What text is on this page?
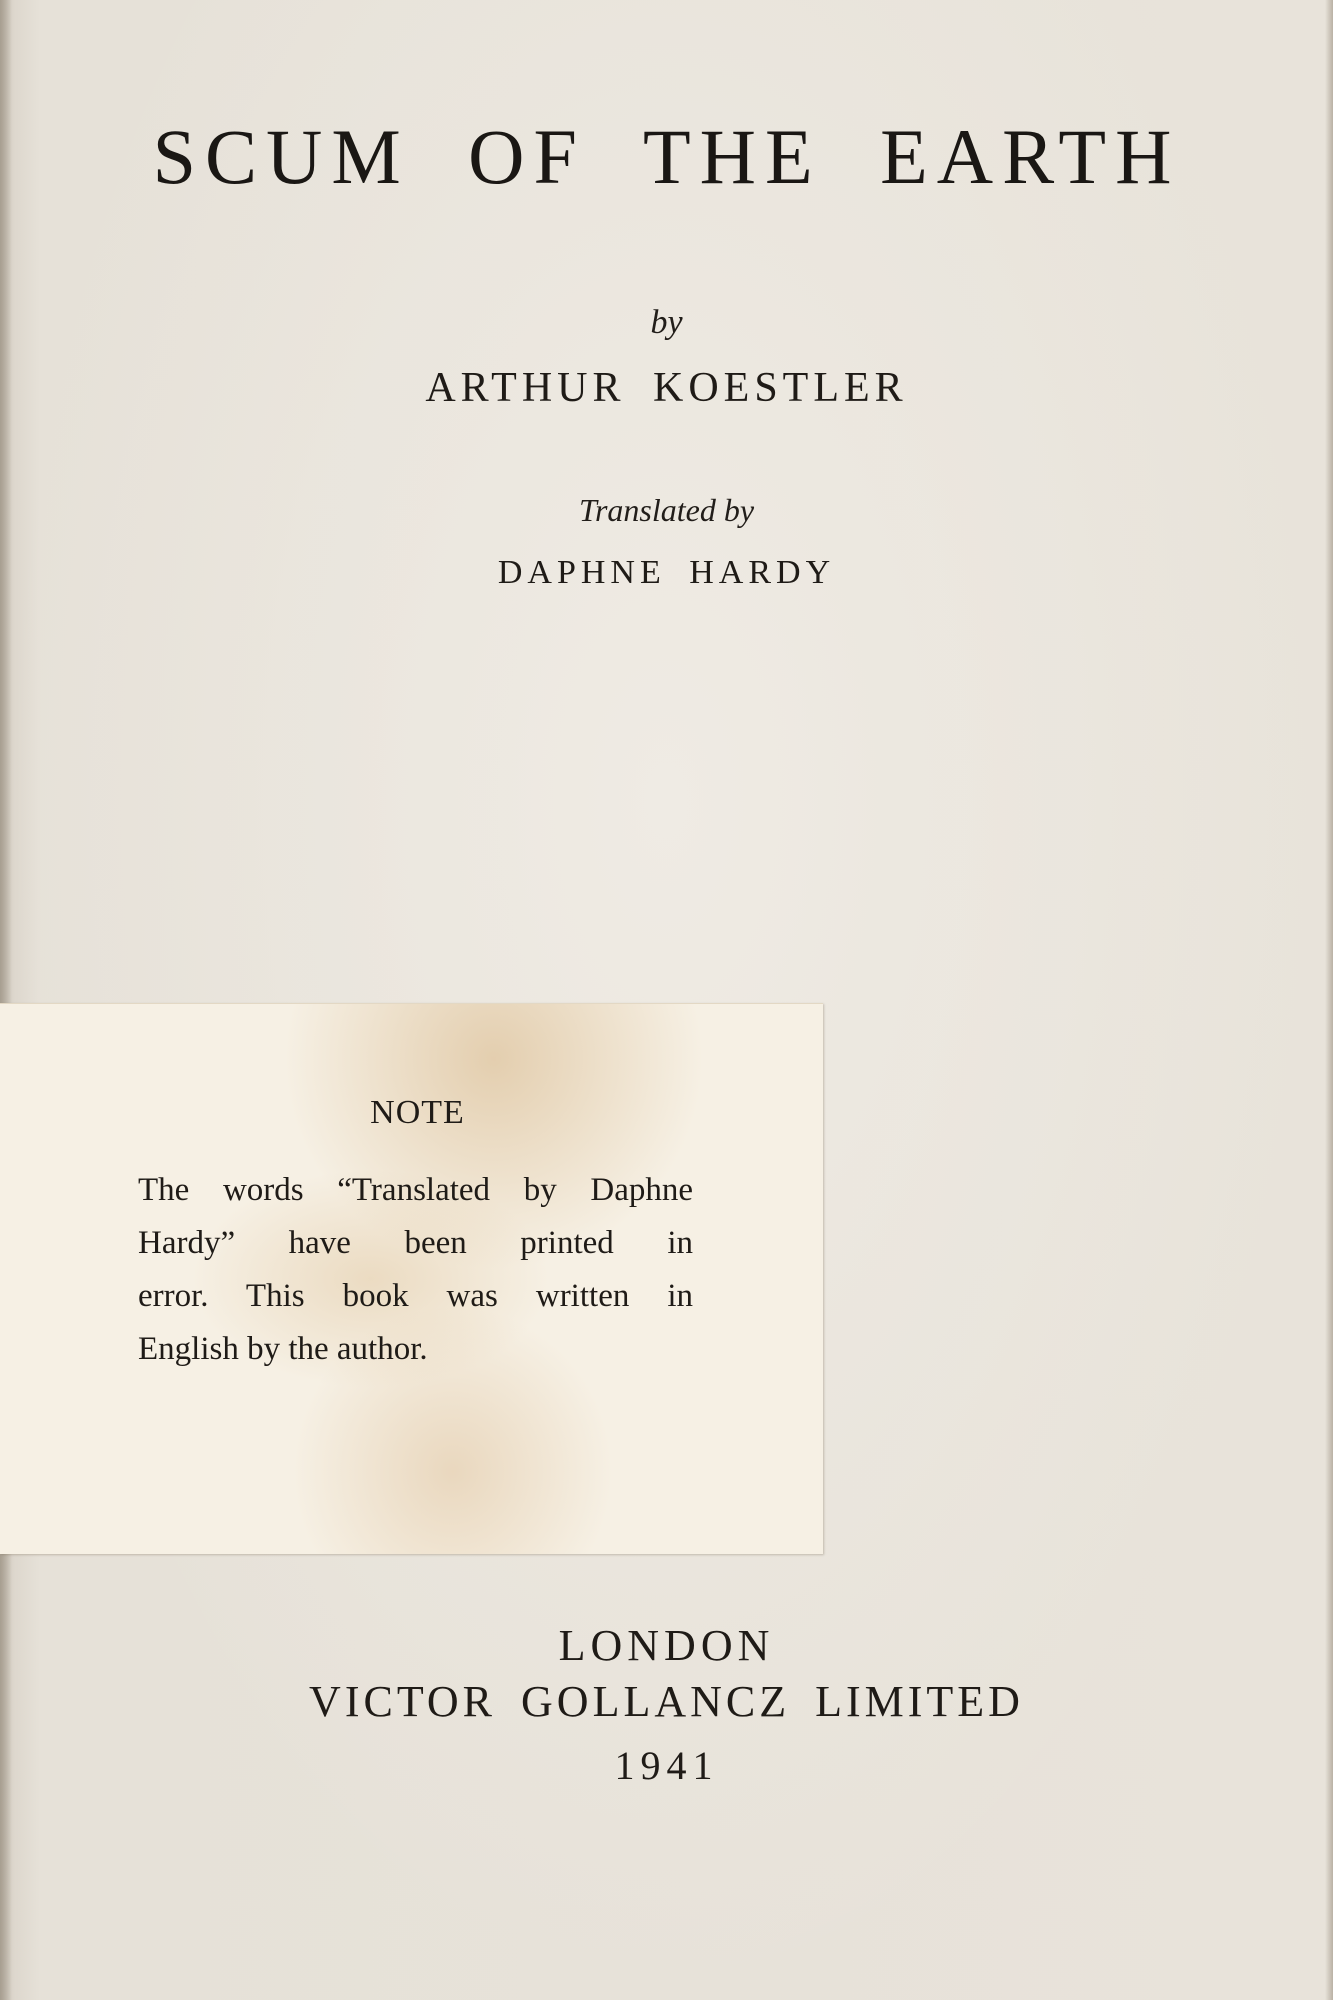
SCUM OF THE EARTH
by
ARTHUR KOESTLER
Translated by
DAPHNE HARDY
NOTE
The words “Translated by Daphne
Hardy” have been printed in
error. This book was written in
English by the author.
LONDON
VICTOR GOLLANCZ LIMITED
1941
